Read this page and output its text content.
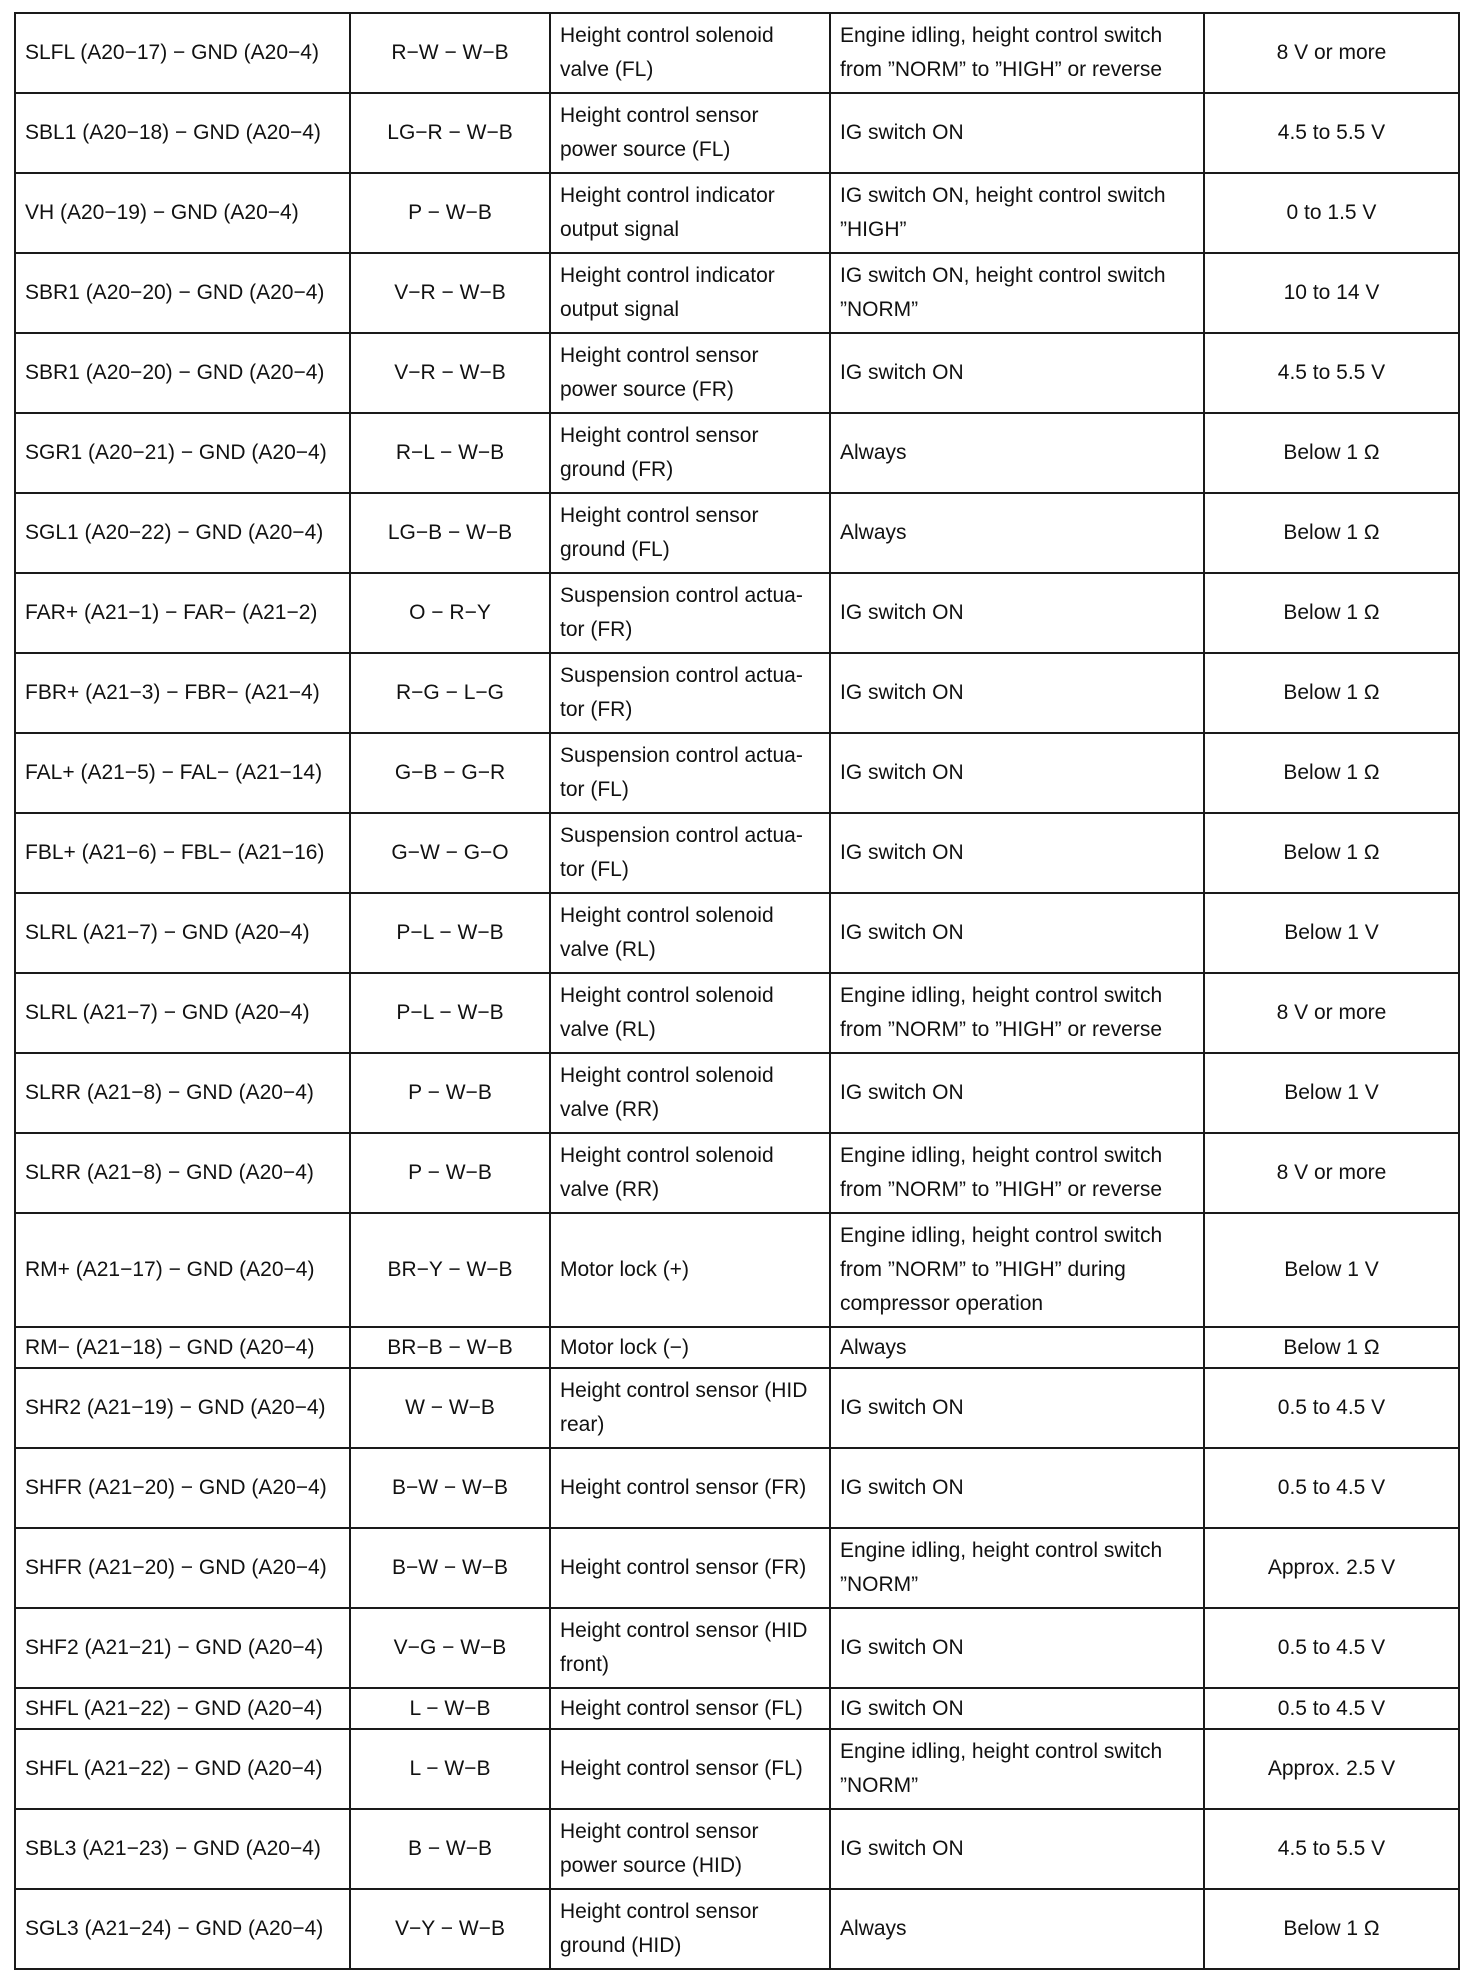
SLFL (A20−17) − GND (A20−4)	R−W − W−B	Height control solenoid valve (FL)	Engine idling, height control switch from ”NORM” to ”HIGH” or reverse	8 V or more
SBL1 (A20−18) − GND (A20−4)	LG−R − W−B	Height control sensor power source (FL)	IG switch ON	4.5 to 5.5 V
VH (A20−19) − GND (A20−4)	P − W−B	Height control indicator output signal	IG switch ON, height control switch ”HIGH”	0 to 1.5 V
SBR1 (A20−20) − GND (A20−4)	V−R − W−B	Height control indicator output signal	IG switch ON, height control switch ”NORM”	10 to 14 V
SBR1 (A20−20) − GND (A20−4)	V−R − W−B	Height control sensor power source (FR)	IG switch ON	4.5 to 5.5 V
SGR1 (A20−21) − GND (A20−4)	R−L − W−B	Height control sensor ground (FR)	Always	Below 1 Ω
SGL1 (A20−22) − GND (A20−4)	LG−B − W−B	Height control sensor ground (FL)	Always	Below 1 Ω
FAR+ (A21−1) − FAR− (A21−2)	O − R−Y	Suspension control actua-tor (FR)	IG switch ON	Below 1 Ω
FBR+ (A21−3) − FBR− (A21−4)	R−G − L−G	Suspension control actua-tor (FR)	IG switch ON	Below 1 Ω
FAL+ (A21−5) − FAL− (A21−14)	G−B − G−R	Suspension control actua-tor (FL)	IG switch ON	Below 1 Ω
FBL+ (A21−6) − FBL− (A21−16)	G−W − G−O	Suspension control actua-tor (FL)	IG switch ON	Below 1 Ω
SLRL (A21−7) − GND (A20−4)	P−L − W−B	Height control solenoid valve (RL)	IG switch ON	Below 1 V
SLRL (A21−7) − GND (A20−4)	P−L − W−B	Height control solenoid valve (RL)	Engine idling, height control switch from ”NORM” to ”HIGH” or reverse	8 V or more
SLRR (A21−8) − GND (A20−4)	P − W−B	Height control solenoid valve (RR)	IG switch ON	Below 1 V
SLRR (A21−8) − GND (A20−4)	P − W−B	Height control solenoid valve (RR)	Engine idling, height control switch from ”NORM” to ”HIGH” or reverse	8 V or more
RM+ (A21−17) − GND (A20−4)	BR−Y − W−B	Motor lock (+)	Engine idling, height control switch from ”NORM” to ”HIGH” during compressor operation	Below 1 V
RM− (A21−18) − GND (A20−4)	BR−B − W−B	Motor lock (−)	Always	Below 1 Ω
SHR2 (A21−19) − GND (A20−4)	W − W−B	Height control sensor (HID rear)	IG switch ON	0.5 to 4.5 V
SHFR (A21−20) − GND (A20−4)	B−W − W−B	Height control sensor (FR)	IG switch ON	0.5 to 4.5 V
SHFR (A21−20) − GND (A20−4)	B−W − W−B	Height control sensor (FR)	Engine idling, height control switch ”NORM”	Approx. 2.5 V
SHF2 (A21−21) − GND (A20−4)	V−G − W−B	Height control sensor (HID front)	IG switch ON	0.5 to 4.5 V
SHFL (A21−22) − GND (A20−4)	L − W−B	Height control sensor (FL)	IG switch ON	0.5 to 4.5 V
SHFL (A21−22) − GND (A20−4)	L − W−B	Height control sensor (FL)	Engine idling, height control switch ”NORM”	Approx. 2.5 V
SBL3 (A21−23) − GND (A20−4)	B − W−B	Height control sensor power source (HID)	IG switch ON	4.5 to 5.5 V
SGL3 (A21−24) − GND (A20−4)	V−Y − W−B	Height control sensor ground (HID)	Always	Below 1 Ω
